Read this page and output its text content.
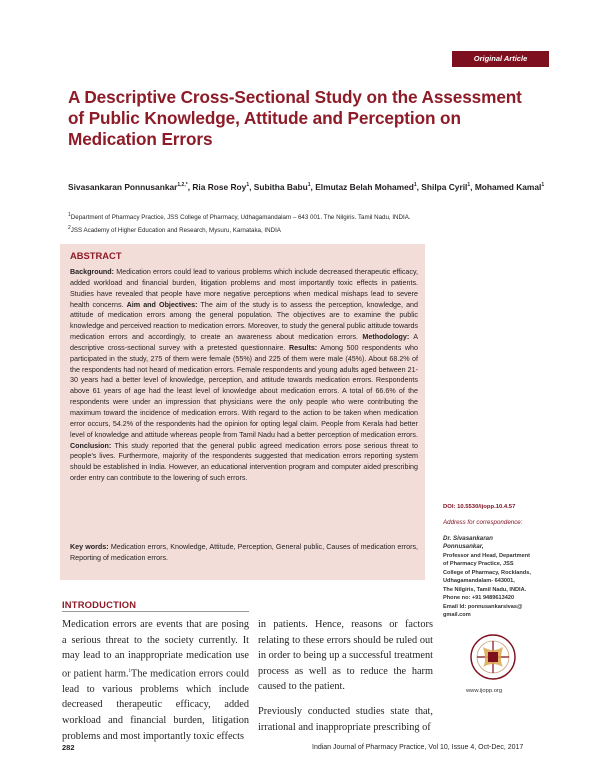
Original Article
A Descriptive Cross-Sectional Study on the Assessment of Public Knowledge, Attitude and Perception on Medication Errors
Sivasankaran Ponnusankar$^{1,2,*}$, Ria Rose Roy$^1$, Subitha Babu$^1$, Elmutaz Belah Mohamed$^1$, Shilpa Cyril$^1$, Mohamed Kamal$^1$
$^1$Department of Pharmacy Practice, JSS College of Pharmacy, Udhagamandalam – 643 001. The Nilgiris. Tamil Nadu, INDIA.
$^2$JSS Academy of Higher Education and Research, Mysuru, Karnataka, INDIA
ABSTRACT
Background: Medication errors could lead to various problems which include decreased therapeutic efficacy, added workload and financial burden, litigation problems and most importantly toxic effects in patients. Studies have revealed that people have more negative perceptions when medical mishaps lead to severe health concerns. Aim and Objectives: The aim of the study is to assess the perception, knowledge, and attitude of medication errors among the general population. The objectives are to examine the public knowledge and perceived reaction to medication errors. Moreover, to study the general public attitude towards medication errors and accordingly, to create an awareness about medication errors. Methodology: A descriptive cross-sectional survey with a pretested questionnaire. Results: Among 500 respondents who participated in the study, 275 of them were female (55%) and 225 of them were male (45%). About 68.2% of the respondents had not heard of medication errors. Female respondents and young adults aged between 21-30 years had a better level of knowledge, perception, and attitude towards medication errors. Respondents above 61 years of age had the least level of knowledge about medication errors. A total of 66.6% of the respondents were under an impression that physicians were the only people who were contributing the maximum toward the incidence of medication errors. With regard to the action to be taken when medication error occurs, 54.2% of the respondents had the opinion for opting legal claim. People from Kerala had better level of knowledge and attitude whereas people from Tamil Nadu had a better perception of medication errors. Conclusion: This study reported that the general public agreed medication errors pose serious threat to people's lives. Furthermore, majority of the respondents suggested that medication errors reporting system should be established in India. However, an educational intervention program and computer aided prescribing order entry can contribute to the lowering of such errors.
Key words: Medication errors, Knowledge, Attitude, Perception, General public, Causes of medication errors, Reporting of medication errors.
DOI: 10.5530/ijopp.10.4.57
Address for correspondence:
Dr. Sivasankaran
Ponnusankar,
Professor and Head, Department
of Pharmacy Practice, JSS
College of Pharmacy, Rocklands,
Udhagamandalam- 643001,
The Nilgiris, Tamil Nadu, INDIA.
Phone no: +91 9489613420
Email Id: ponnusankarsivas@
gmail.com
www.ijopp.org
INTRODUCTION
Medication errors are events that are posing a serious threat to the society currently. It may lead to an inappropriate medication use or patient harm.$^1$The medication errors could lead to various problems which include decreased therapeutic efficacy, added workload and financial burden, litigation problems and most importantly toxic effects
in patients. Hence, reasons or factors relating to these errors should be ruled out in order to being up a successful treatment process as well as to reduce the harm caused to the patient.
Previously conducted studies state that, irrational and inappropriate prescribing of
282	Indian Journal of Pharmacy Practice, Vol 10, Issue 4, Oct-Dec, 2017
